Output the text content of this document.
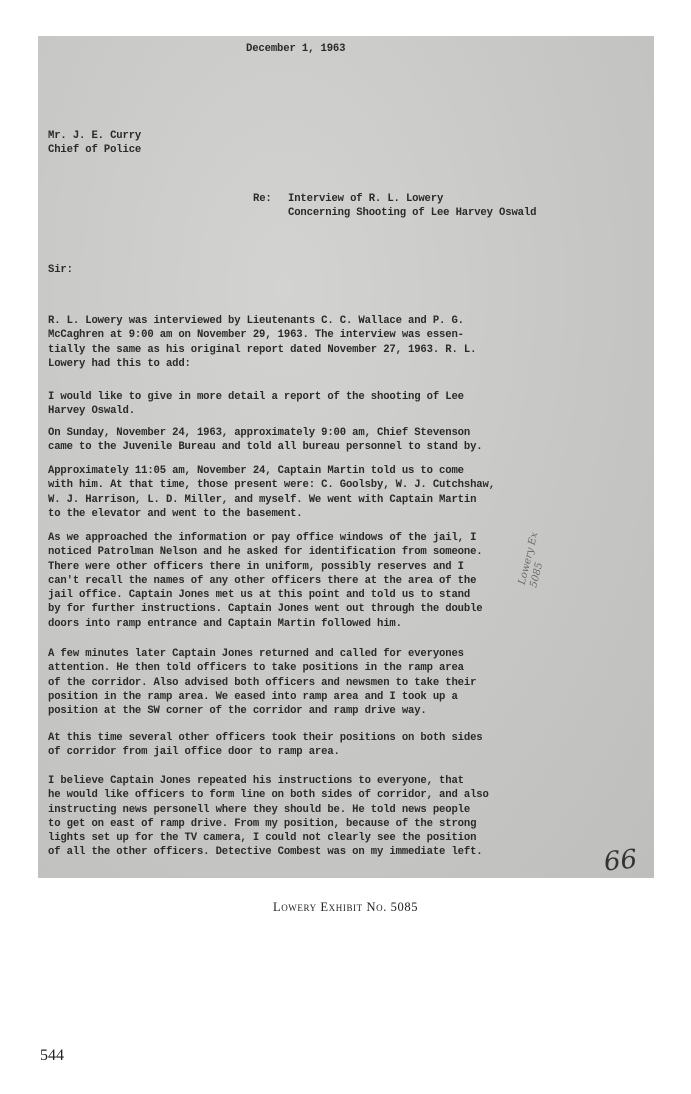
December 1, 1963
Mr. J. E. Curry
Chief of Police
Re: Interview of R. L. Lowery
Concerning Shooting of Lee Harvey Oswald
Sir:
R. L. Lowery was interviewed by Lieutenants C. C. Wallace and P. G.
McCaghren at 9:00 am on November 29, 1963. The interview was essen-
tially the same as his original report dated November 27, 1963. R. L.
Lowery had this to add:
I would like to give in more detail a report of the shooting of Lee
Harvey Oswald.
On Sunday, November 24, 1963, approximately 9:00 am, Chief Stevenson
came to the Juvenile Bureau and told all bureau personnel to stand by.
Approximately 11:05 am, November 24, Captain Martin told us to come
with him. At that time, those present were: C. Goolsby, W. J. Cutchshaw,
W. J. Harrison, L. D. Miller, and myself. We went with Captain Martin
to the elevator and went to the basement.
As we approached the information or pay office windows of the jail, I
noticed Patrolman Nelson and he asked for identification from someone.
There were other officers there in uniform, possibly reserves and I
can't recall the names of any other officers there at the area of the
jail office. Captain Jones met us at this point and told us to stand
by for further instructions. Captain Jones went out through the double
doors into ramp entrance and Captain Martin followed him.
A few minutes later Captain Jones returned and called for everyones
attention. He then told officers to take positions in the ramp area
of the corridor. Also advised both officers and newsmen to take their
position in the ramp area. We eased into ramp area and I took up a
position at the SW corner of the corridor and ramp drive way.
At this time several other officers took their positions on both sides
of corridor from jail office door to ramp area.
I believe Captain Jones repeated his instructions to everyone, that
he would like officers to form line on both sides of corridor, and also
instructing news personell where they should be. He told news people
to get on east of ramp drive. From my position, because of the strong
lights set up for the TV camera, I could not clearly see the position
of all the other officers. Detective Combest was on my immediate left.
Lowery Ex
5085
66
Lowery Exhibit No. 5085
544
